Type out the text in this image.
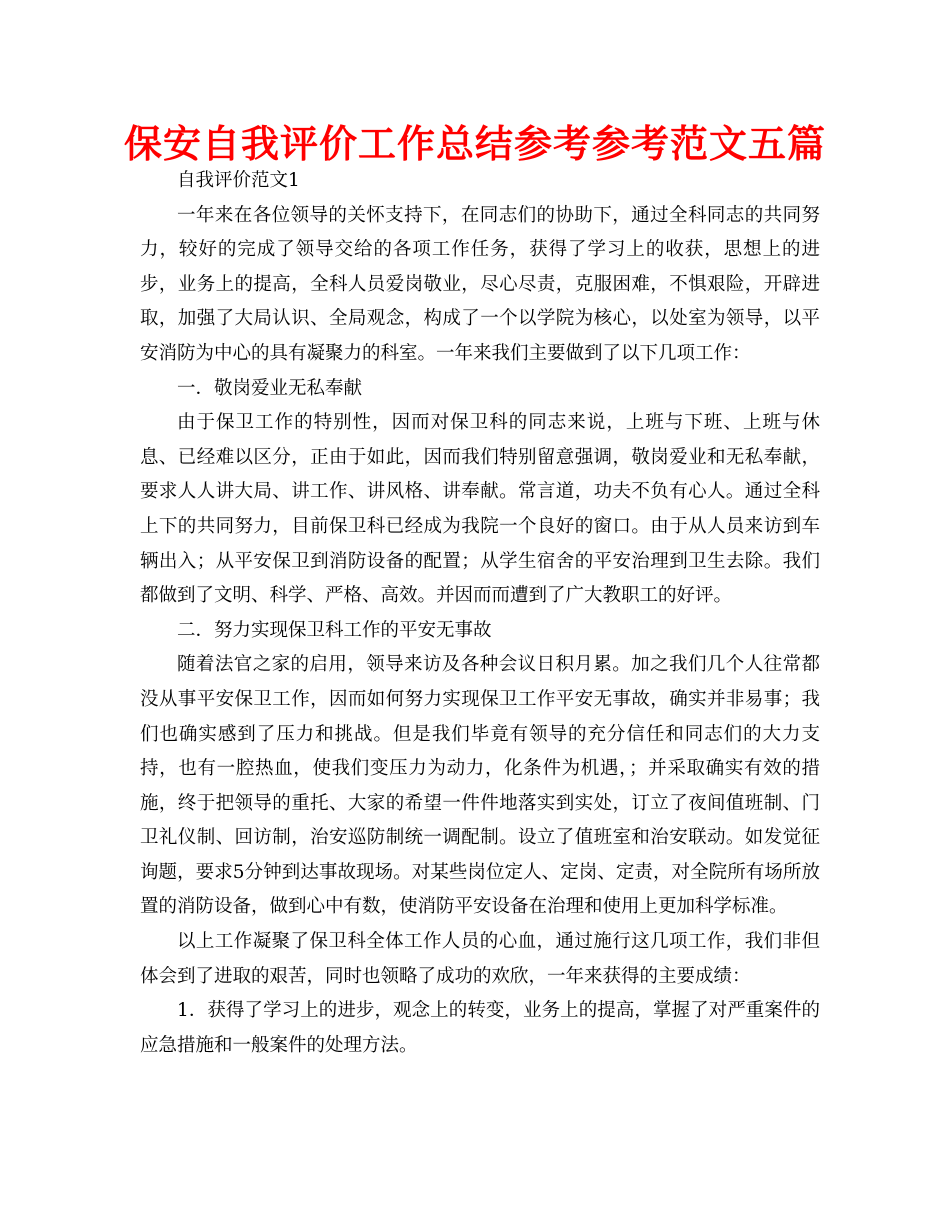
保安自我评价工作总结参考参考范文五篇

自我评价范文1

一年来在各位领导的关怀支持下，在同志们的协助下，通过全科同志的共同努力，较好的完成了领导交给的各项工作任务，获得了学习上的收获，思想上的进步，业务上的提高，全科人员爱岗敬业，尽心尽责，克服困难，不惧艰险，开辟进取，加强了大局认识、全局观念，构成了一个以学院为核心，以处室为领导，以平安消防为中心的具有凝聚力的科室。一年来我们主要做到了以下几项工作：

一．敬岗爱业无私奉献

由于保卫工作的特别性，因而对保卫科的同志来说，上班与下班、上班与休息、已经难以区分，正由于如此，因而我们特别留意强调，敬岗爱业和无私奉献，要求人人讲大局、讲工作、讲风格、讲奉献。常言道，功夫不负有心人。通过全科上下的共同努力，目前保卫科已经成为我院一个良好的窗口。由于从人员来访到车辆出入；从平安保卫到消防设备的配置；从学生宿舍的平安治理到卫生去除。我们都做到了文明、科学、严格、高效。并因而而遭到了广大教职工的好评。

二．努力实现保卫科工作的平安无事故

随着法官之家的启用，领导来访及各种会议日积月累。加之我们几个人往常都没从事平安保卫工作，因而如何努力实现保卫工作平安无事故，确实并非易事；我们也确实感到了压力和挑战。但是我们毕竟有领导的充分信任和同志们的大力支持，也有一腔热血，使我们变压力为动力，化条件为机遇，；并采取确实有效的措施，终于把领导的重托、大家的希望一件件地落实到实处，订立了夜间值班制、门卫礼仪制、回访制，治安巡防制统一调配制。设立了值班室和治安联动。如发觉征询题，要求5分钟到达事故现场。对某些岗位定人、定岗、定责，对全院所有场所放置的消防设备，做到心中有数，使消防平安设备在治理和使用上更加科学标准。

以上工作凝聚了保卫科全体工作人员的心血，通过施行这几项工作，我们非但体会到了进取的艰苦，同时也领略了成功的欢欣，一年来获得的主要成绩：

1．获得了学习上的进步，观念上的转变，业务上的提高，掌握了对严重案件的应急措施和一般案件的处理方法。
